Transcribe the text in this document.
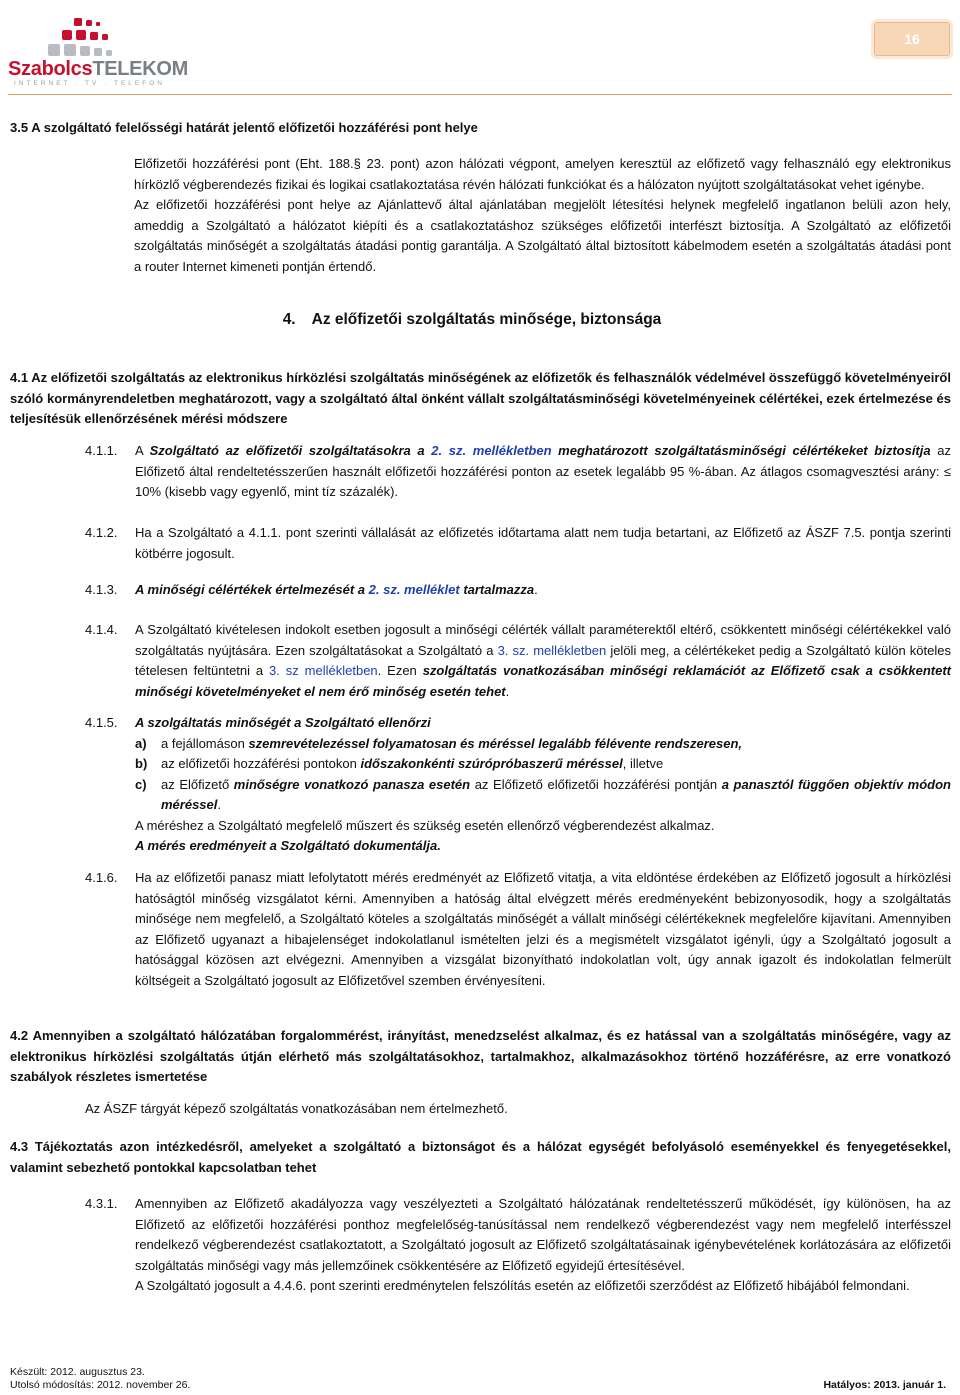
SzabolcsTELEKOM
INTERNET · TV · TELEFON
16
3.5 A szolgáltató felelősségi határát jelentő előfizetői hozzáférési pont helye
Előfizetői hozzáférési pont (Eht. 188.§ 23. pont) azon hálózati végpont, amelyen keresztül az előfizető vagy felhasználó egy elektronikus hírközlő végberendezés fizikai és logikai csatlakoztatása révén hálózati funkciókat és a hálózaton nyújtott szolgáltatásokat vehet igénybe.
Az előfizetői hozzáférési pont helye az Ajánlattevő által ajánlatában megjelölt létesítési helynek megfelelő ingatlanon belüli azon hely, ameddig a Szolgáltató a hálózatot kiépíti és a csatlakoztatáshoz szükséges előfizetői interfészt biztosítja. A Szolgáltató az előfizetői szolgáltatás minőségét a szolgáltatás átadási pontig garantálja. A Szolgáltató által biztosított kábelmodem esetén a szolgáltatás átadási pont a router Internet kimeneti pontján értendő.
4. Az előfizetői szolgáltatás minősége, biztonsága
4.1 Az előfizetői szolgáltatás az elektronikus hírközlési szolgáltatás minőségének az előfizetők és felhasználók védelmével összefüggő követelményeiről szóló kormányrendeletben meghatározott, vagy a szolgáltató által önként vállalt szolgáltatásminőségi követelményeinek célértékei, ezek értelmezése és teljesítésük ellenőrzésének mérési módszere
4.1.1. A Szolgáltató az előfizetői szolgáltatásokra a 2. sz. mellékletben meghatározott szolgáltatásminőségi célértékeket biztosítja az Előfizető által rendeltetésszerűen használt előfizetői hozzáférési ponton az esetek legalább 95 %-ában. Az átlagos csomagvesztési arány: ≤ 10% (kisebb vagy egyenlő, mint tíz százalék).
4.1.2. Ha a Szolgáltató a 4.1.1. pont szerinti vállalását az előfizetés időtartama alatt nem tudja betartani, az Előfizető az ÁSZF 7.5. pontja szerinti kötbérre jogosult.
4.1.3. A minőségi célértékek értelmezését a 2. sz. melléklet tartalmazza.
4.1.4. A Szolgáltató kivételesen indokolt esetben jogosult a minőségi célérték vállalt paraméterektől eltérő, csökkentett minőségi célértékekkel való szolgáltatás nyújtására. Ezen szolgáltatásokat a Szolgáltató a 3. sz. mellékletben jelöli meg, a célértékeket pedig a Szolgáltató külön köteles tételesen feltüntetni a 3. sz mellékletben. Ezen szolgáltatás vonatkozásában minőségi reklamációt az Előfizető csak a csökkentett minőségi követelményeket el nem érő minőség esetén tehet.
4.1.5. A szolgáltatás minőségét a Szolgáltató ellenőrzi
a) a fejállomáson szemrevételezéssel folyamatosan és méréssel legalább félévente rendszeresen,
b) az előfizetői hozzáférési pontokon időszakonkénti szúrópróbaszerű méréssel, illetve
c) az Előfizető minőségre vonatkozó panasza esetén az Előfizető előfizetői hozzáférési pontján a panasztól függően objektív módon méréssel.
A méréshez a Szolgáltató megfelelő műszert és szükség esetén ellenőrző végberendezést alkalmaz.
A mérés eredményeit a Szolgáltató dokumentálja.
4.1.6. Ha az előfizetői panasz miatt lefolytatott mérés eredményét az Előfizető vitatja, a vita eldöntése érdekében az Előfizető jogosult a hírközlési hatóságtól minőség vizsgálatot kérni. Amennyiben a hatóság által elvégzett mérés eredményeként bebizonyosodik, hogy a szolgáltatás minősége nem megfelelő, a Szolgáltató köteles a szolgáltatás minőségét a vállalt minőségi célértékeknek megfelelőre kijavítani. Amennyiben az Előfizető ugyanazt a hibajelenséget indokolatlanul ismételten jelzi és a megismételt vizsgálatot igényli, úgy a Szolgáltató jogosult a hatósággal közösen azt elvégezni. Amennyiben a vizsgálat bizonyítható indokolatlan volt, úgy annak igazolt és indokolatlan felmerült költségeit a Szolgáltató jogosult az Előfizetővel szemben érvényesíteni.
4.2 Amennyiben a szolgáltató hálózatában forgalommérést, irányítást, menedzselést alkalmaz, és ez hatással van a szolgáltatás minőségére, vagy az elektronikus hírközlési szolgáltatás útján elérhető más szolgáltatásokhoz, tartalmakhoz, alkalmazásokhoz történő hozzáférésre, az erre vonatkozó szabályok részletes ismertetése
Az ÁSZF tárgyát képező szolgáltatás vonatkozásában nem értelmezhető.
4.3 Tájékoztatás azon intézkedésről, amelyeket a szolgáltató a biztonságot és a hálózat egységét befolyásoló eseményekkel és fenyegetésekkel, valamint sebezhető pontokkal kapcsolatban tehet
4.3.1. Amennyiben az Előfizető akadályozza vagy veszélyezteti a Szolgáltató hálózatának rendeltetésszerű működését, így különösen, ha az Előfizető az előfizetői hozzáférési ponthoz megfelelőség-tanúsítással nem rendelkező végberendezést vagy nem megfelelő interfésszel rendelkező végberendezést csatlakoztatott, a Szolgáltató jogosult az Előfizető szolgáltatásainak igénybevételének korlátozására az előfizetői szolgáltatás minőségi vagy más jellemzőinek csökkentésére az Előfizető egyidejű értesítésével.
A Szolgáltató jogosult a 4.4.6. pont szerinti eredménytelen felszólítás esetén az előfizetői szerződést az Előfizető hibájából felmondani.
Készült: 2012. augusztus 23.
Utolsó módosítás: 2012. november 26.	Hatályos: 2013. január 1.
